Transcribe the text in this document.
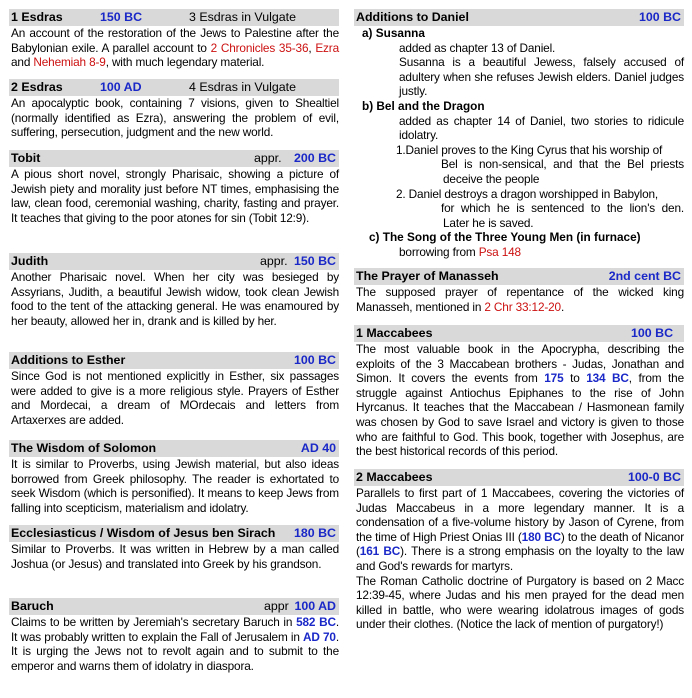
1 Esdras	150 BC	3 Esdras in Vulgate
An account of the restoration of the Jews to Palestine after the Babylonian exile. A parallel account to 2 Chronicles 35-36, Ezra and Nehemiah 8-9, with much legendary material.
2 Esdras	100 AD	4 Esdras in Vulgate
An apocalyptic book, containing 7 visions, given to Shealtiel (normally identified as Ezra), answering the problem of evil, suffering, persecution, judgment and the new world.
Tobit	appr. 200 BC
A pious short novel, strongly Pharisaic, showing a picture of Jewish piety and morality just before NT times, emphasising the law, clean food, ceremonial washing, charity, fasting and prayer. It teaches that giving to the poor atones for sin (Tobit 12:9).
Judith	appr. 150 BC
Another Pharisaic novel. When her city was besieged by Assyrians, Judith, a beautiful Jewish widow, took clean Jewish food to the tent of the attacking general. He was enamoured by her beauty, allowed her in, drank and is killed by her.
Additions to Esther	100 BC
Since God is not mentioned explicitly in Esther, six passages were added to give is a more religious style. Prayers of Esther and Mordecai, a dream of MOrdecais and letters from Artaxerxes are added.
The Wisdom of Solomon	AD 40
It is similar to Proverbs, using Jewish material, but also ideas borrowed from Greek philosophy. The reader is exhortated to seek Wisdom (which is personified). It means to keep Jews from falling into scepticism, materialism and idolatry.
Ecclesiasticus / Wisdom of Jesus ben Sirach 180 BC
Similar to Proverbs. It was written in Hebrew by a man called Joshua (or Jesus) and translated into Greek by his grandson.
Baruch	appr 100 AD
Claims to be written by Jeremiah's secretary Baruch in 582 BC. It was probably written to explain the Fall of Jerusalem in AD 70. It is urging the Jews not to revolt again and to submit to the emperor and warns them of idolatry in diaspora.
Additions to Daniel	100 BC
a) Susanna
added as chapter 13 of Daniel.
Susanna is a beautiful Jewess, falsely accused of adultery when she refuses Jewish elders. Daniel judges justly.
b) Bel and the Dragon
added as chapter 14 of Daniel, two stories to ridicule idolatry.
1.Daniel proves to the King Cyrus that his worship of
Bel is non-sensical, and that the Bel priests deceive the people
2. Daniel destroys a dragon worshipped in Babylon,
for which he is sentenced to the lion's den. Later he is saved.
c) The Song of the Three Young Men (in furnace)
borrowing from Psa 148
The Prayer of Manasseh	2nd cent BC
The supposed prayer of repentance of the wicked king Manasseh, mentioned in 2 Chr 33:12-20.
1 Maccabees	100 BC
The most valuable book in the Apocrypha, describing the exploits of the 3 Maccabean brothers - Judas, Jonathan and Simon. It covers the events from 175 to 134 BC, from the struggle against Antiochus Epiphanes to the rise of John Hyrcanus. It teaches that the Maccabean / Hasmonean family was chosen by God to save Israel and victory is given to those who are faithful to God. This book, together with Josephus, are the best historical records of this period.
2 Maccabees	100-0 BC
Parallels to first part of 1 Maccabees, covering the victories of Judas Maccabeus in a more legendary manner. It is a condensation of a five-volume history by Jason of Cyrene, from the time of High Priest Onias III (180 BC) to the death of Nicanor (161 BC). There is a strong emphasis on the loyalty to the law and God's rewards for martyrs.
The Roman Catholic doctrine of Purgatory is based on 2 Macc 12:39-45, where Judas and his men prayed for the dead men killed in battle, who were wearing idolatrous images of gods under their clothes. (Notice the lack of mention of purgatory!)
